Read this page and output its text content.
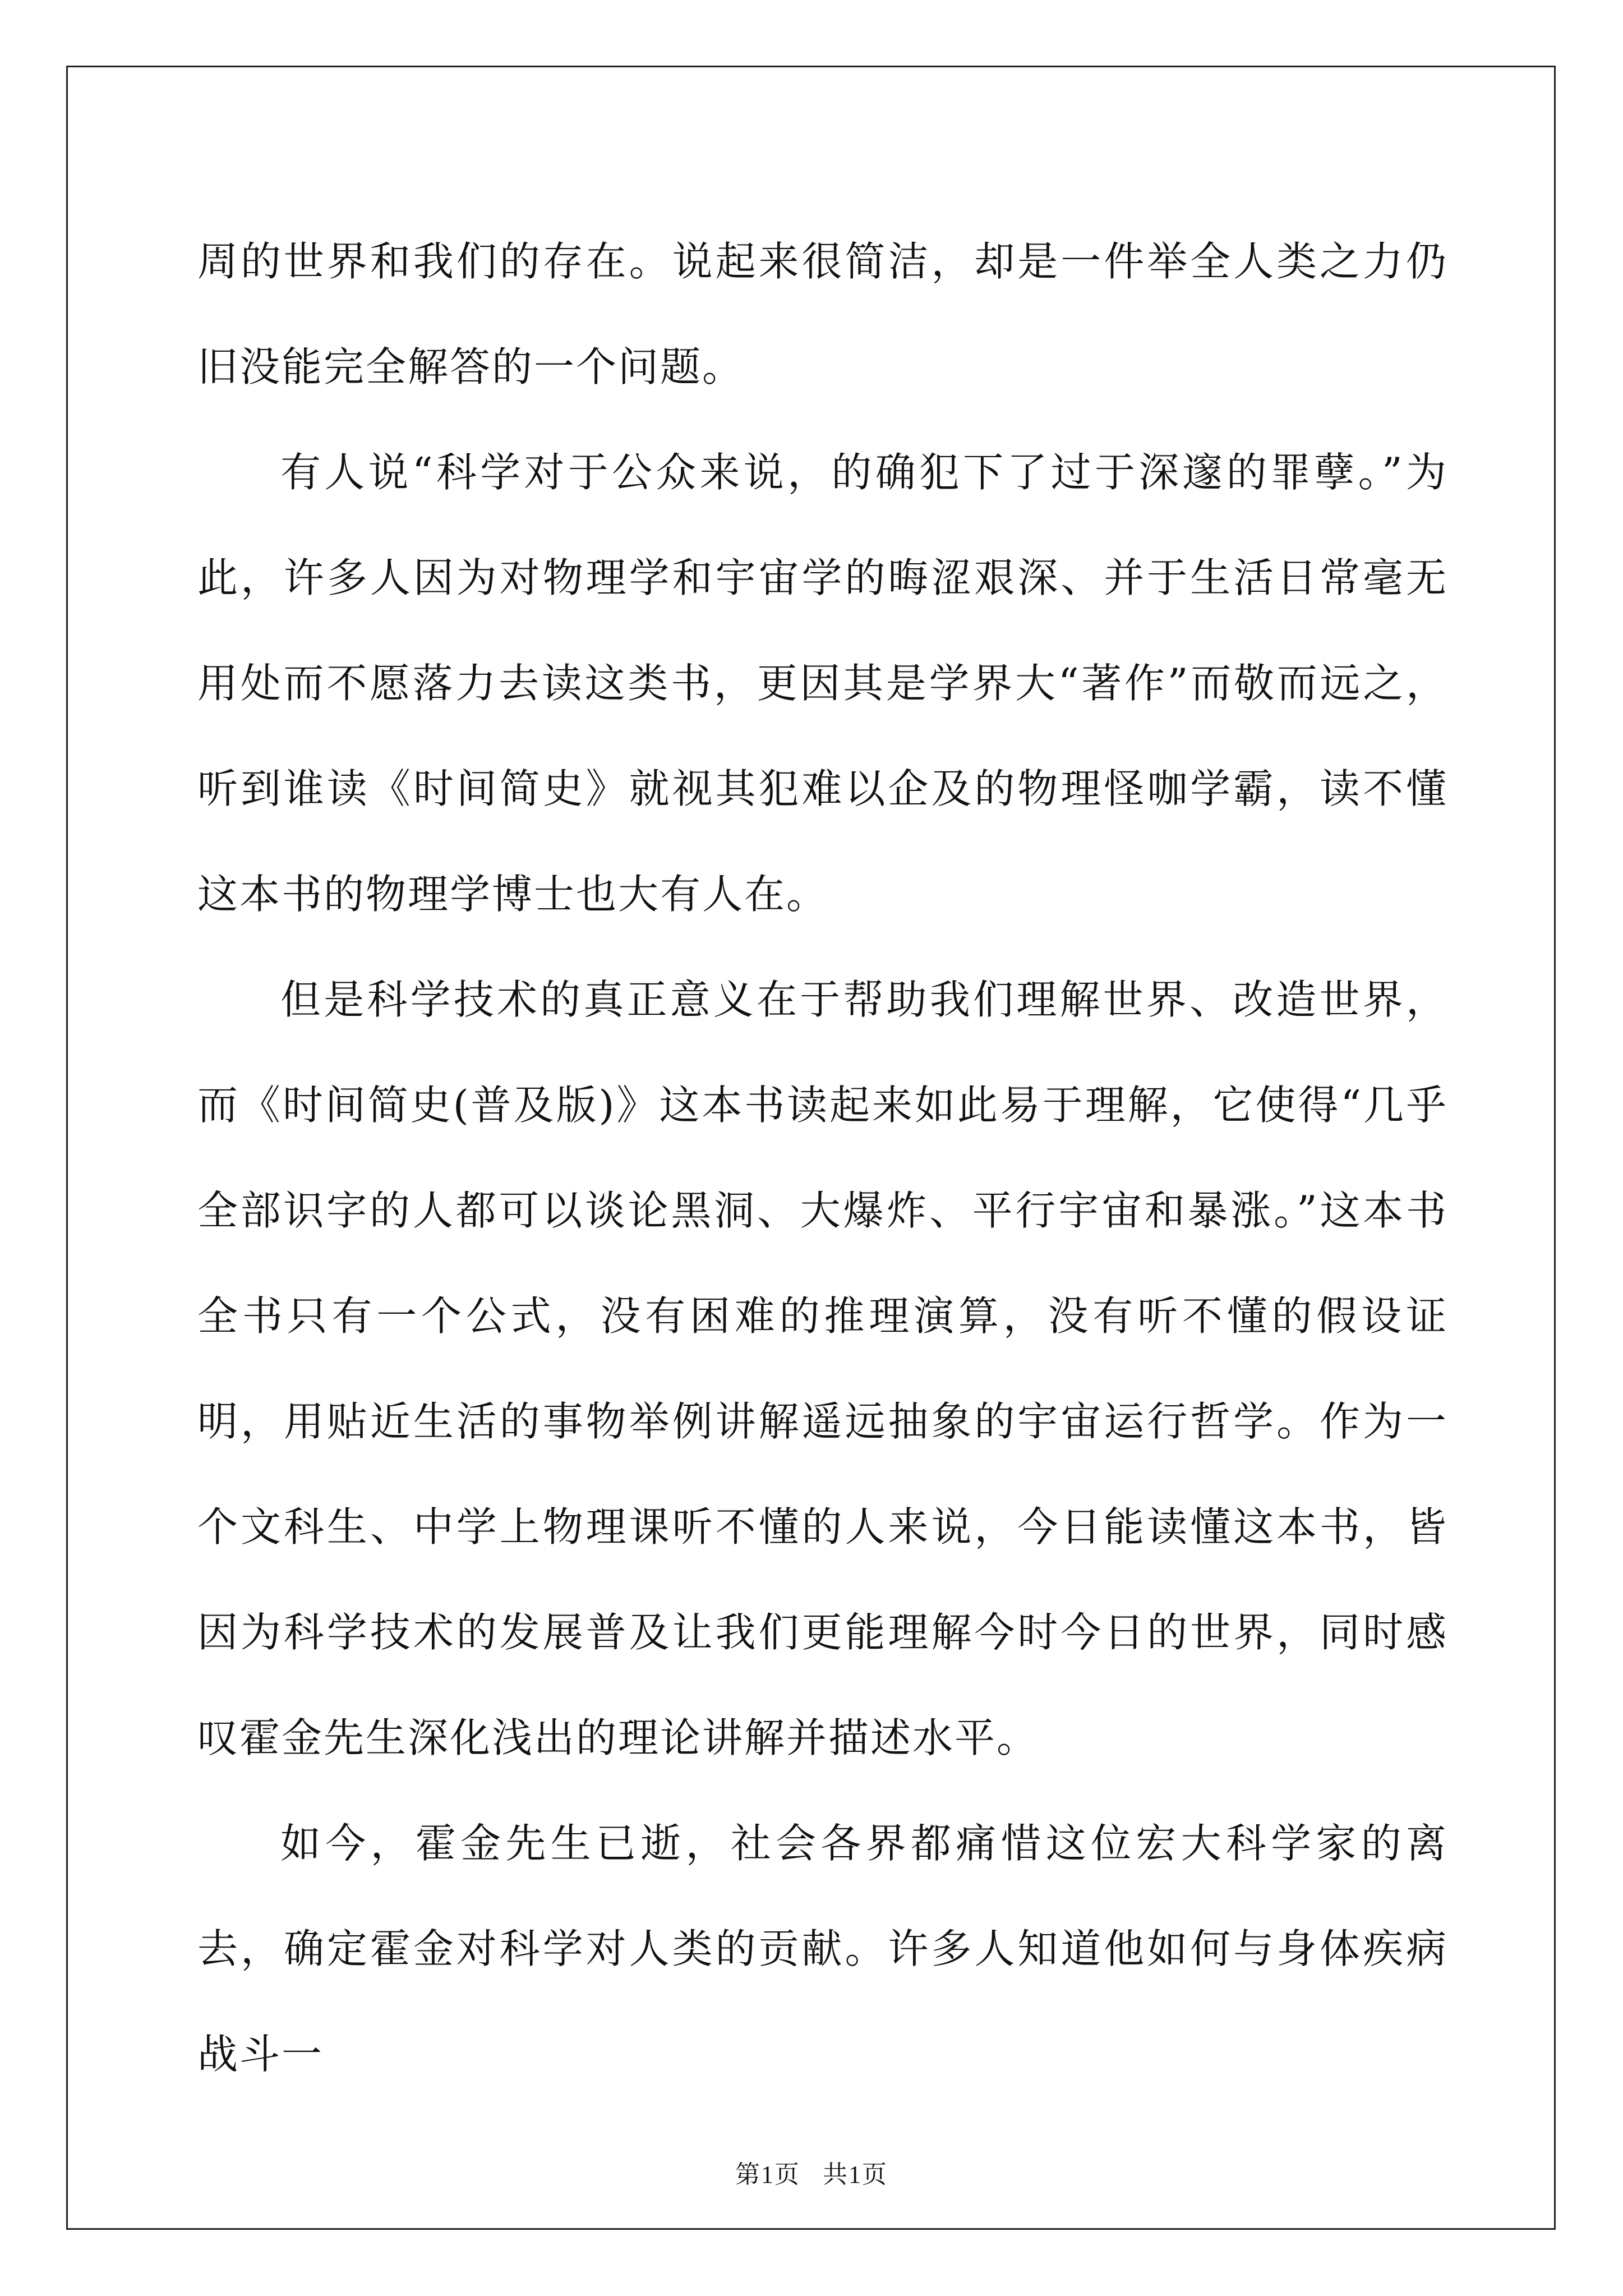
周的世界和我们的存在。说起来很简洁，却是一件举全人类之力仍旧没能完全解答的一个问题。

有人说“科学对于公众来说，的确犯下了过于深邃的罪孽。”为此，许多人因为对物理学和宇宙学的晦涩艰深、并于生活日常毫无用处而不愿落力去读这类书，更因其是学界大“著作”而敬而远之，听到谁读《时间简史》就视其犯难以企及的物理怪咖学霸，读不懂这本书的物理学博士也大有人在。

但是科学技术的真正意义在于帮助我们理解世界、改造世界，而《时间简史(普及版)》这本书读起来如此易于理解，它使得“几乎全部识字的人都可以谈论黑洞、大爆炸、平行宇宙和暴涨。”这本书全书只有一个公式，没有困难的推理演算，没有听不懂的假设证明，用贴近生活的事物举例讲解遥远抽象的宇宙运行哲学。作为一个文科生、中学上物理课听不懂的人来说，今日能读懂这本书，皆因为科学技术的发展普及让我们更能理解今时今日的世界，同时感叹霍金先生深化浅出的理论讲解并描述水平。

如今，霍金先生已逝，社会各界都痛惜这位宏大科学家的离去，确定霍金对科学对人类的贡献。许多人知道他如何与身体疾病战斗一

第1页 共1页
